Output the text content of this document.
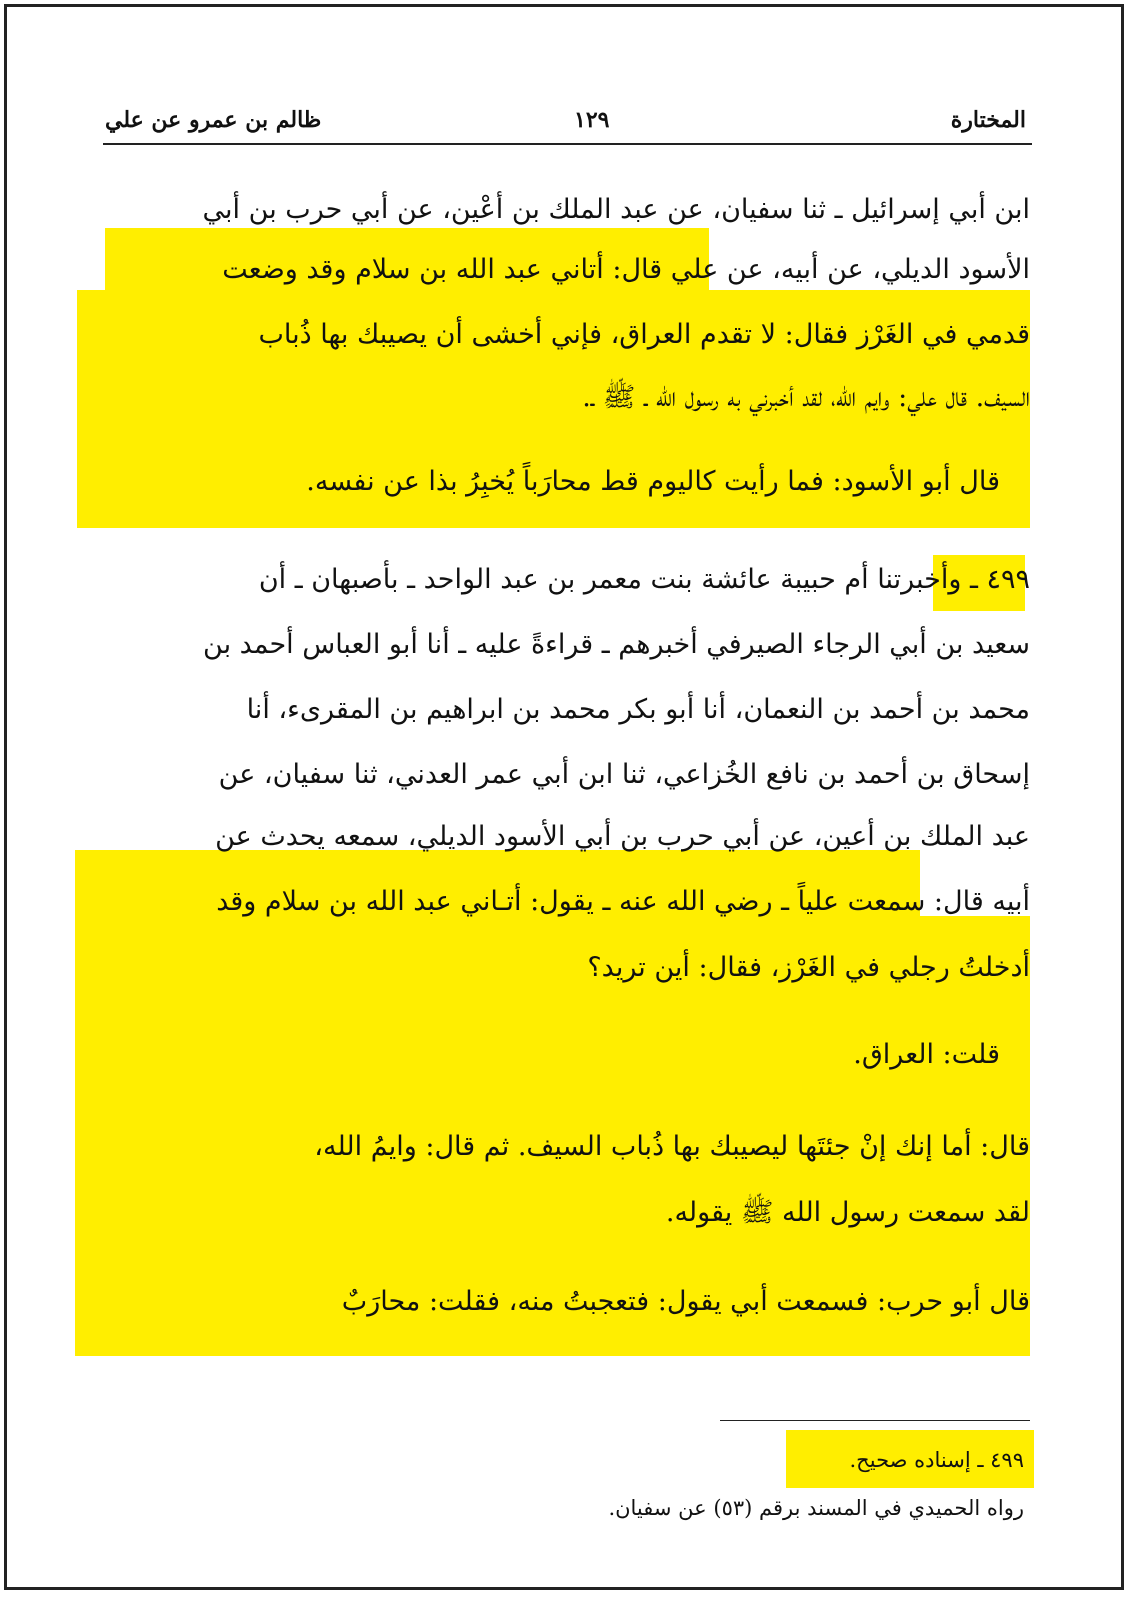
المختارة
١٢٩
ظالم بن عمرو عن علي
ابن أبي إسرائيل ـ ثنا سفيان، عن عبد الملك بن أعْين، عن أبي حرب بن أبي
الأسود الديلي، عن أبيه، عن علي قال: أتاني عبد الله بن سلام وقد وضعت
قدمي في الغَرْز فقال: لا تقدم العراق، فإني أخشى أن يصيبك بها ذُباب
السيف. قال علي: وايم الله، لقد أخبرني به رسول الله ـ ﷺ ـ.
قال أبو الأسود: فما رأيت كاليوم قط محارَباً يُخبِرُ بذا عن نفسه.
٤٩٩ ـ وأخبرتنا أم حبيبة عائشة بنت معمر بن عبد الواحد ـ بأصبهان ـ أن
سعيد بن أبي الرجاء الصيرفي أخبرهم ـ قراءةً عليه ـ أنا أبو العباس أحمد بن
محمد بن أحمد بن النعمان، أنا أبو بكر محمد بن ابراهيم بن المقرىء، أنا
إسحاق بن أحمد بن نافع الخُزاعي، ثنا ابن أبي عمر العدني، ثنا سفيان، عن
عبد الملك بن أعين، عن أبي حرب بن أبي الأسود الديلي، سمعه يحدث عن
أبيه قال: سمعت علياً ـ رضي الله عنه ـ يقول: أتـاني عبد الله بن سلام وقد
أدخلتُ رجلي في الغَرْز، فقال: أين تريد؟
قلت: العراق.
قال: أما إنك إنْ جئتَها ليصيبك بها ذُباب السيف. ثم قال: وايمُ الله،
لقد سمعت رسول الله ﷺ يقوله.
قال أبو حرب: فسمعت أبي يقول: فتعجبتُ منه، فقلت: محارَبٌ
٤٩٩ ـ إسناده صحيح.
رواه الحميدي في المسند برقم (٥٣) عن سفيان.
